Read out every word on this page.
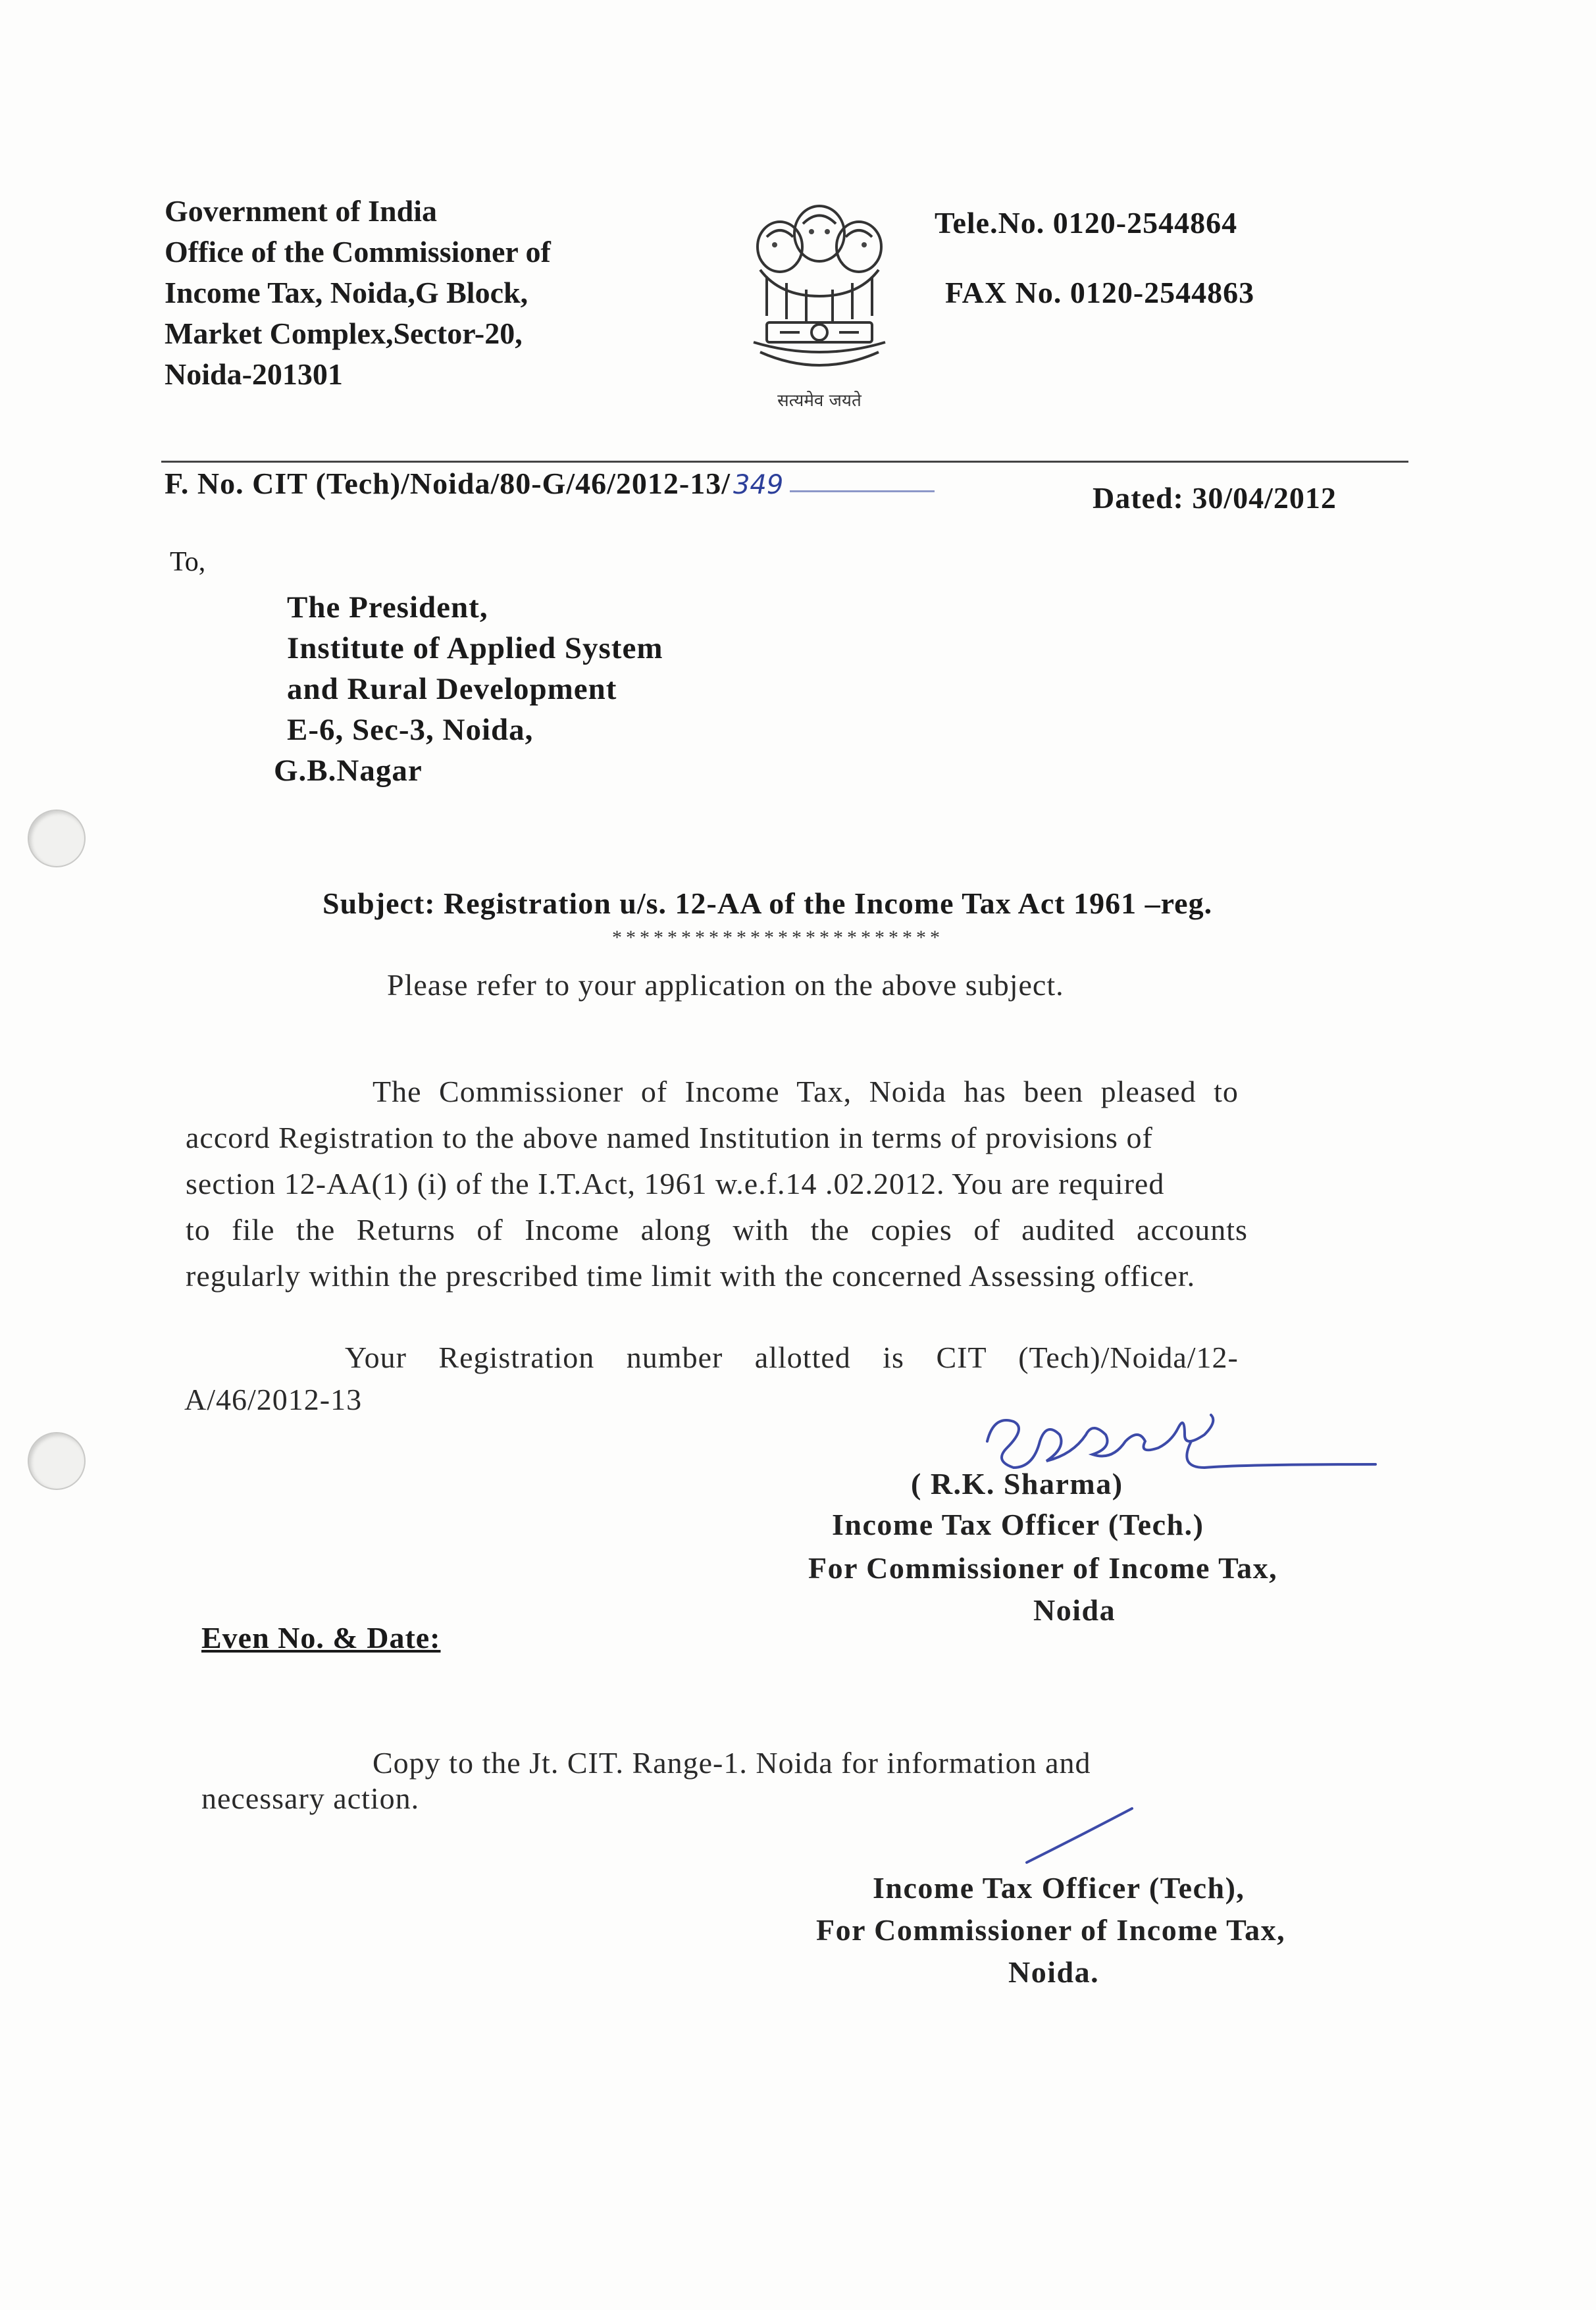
Government of India
Office of the Commissioner of
Income Tax, Noida,G Block,
Market Complex,Sector-20,
Noida-201301
सत्यमेव जयते
Tele.No. 0120-2544864
FAX No. 0120-2544863
F. No. CIT (Tech)/Noida/80-G/46/2012-13/ 349	Dated: 30/04/2012
To,
The President,
Institute of Applied System
and Rural Development
E-6, Sec-3, Noida,
G.B.Nagar
Subject: Registration u/s. 12-AA of the Income Tax Act 1961 –reg.
************************
Please refer to your application on the above subject.
The Commissioner of Income Tax, Noida has been pleased to
accord Registration to the above named Institution in terms of provisions of
section 12-AA(1) (i) of the I.T.Act, 1961 w.e.f.14 .02.2012. You are required
to file the Returns of Income along with the copies of audited accounts
regularly within the prescribed time limit with the concerned Assessing officer.
Your Registration number allotted is CIT (Tech)/Noida/12-
A/46/2012-13
( R.K. Sharma)
Income Tax Officer (Tech.)
For Commissioner of Income Tax,
Noida
Even No. & Date:
Copy to the Jt. CIT. Range-1. Noida for information and
necessary action.
Income Tax Officer (Tech),
For Commissioner of Income Tax,
Noida.
